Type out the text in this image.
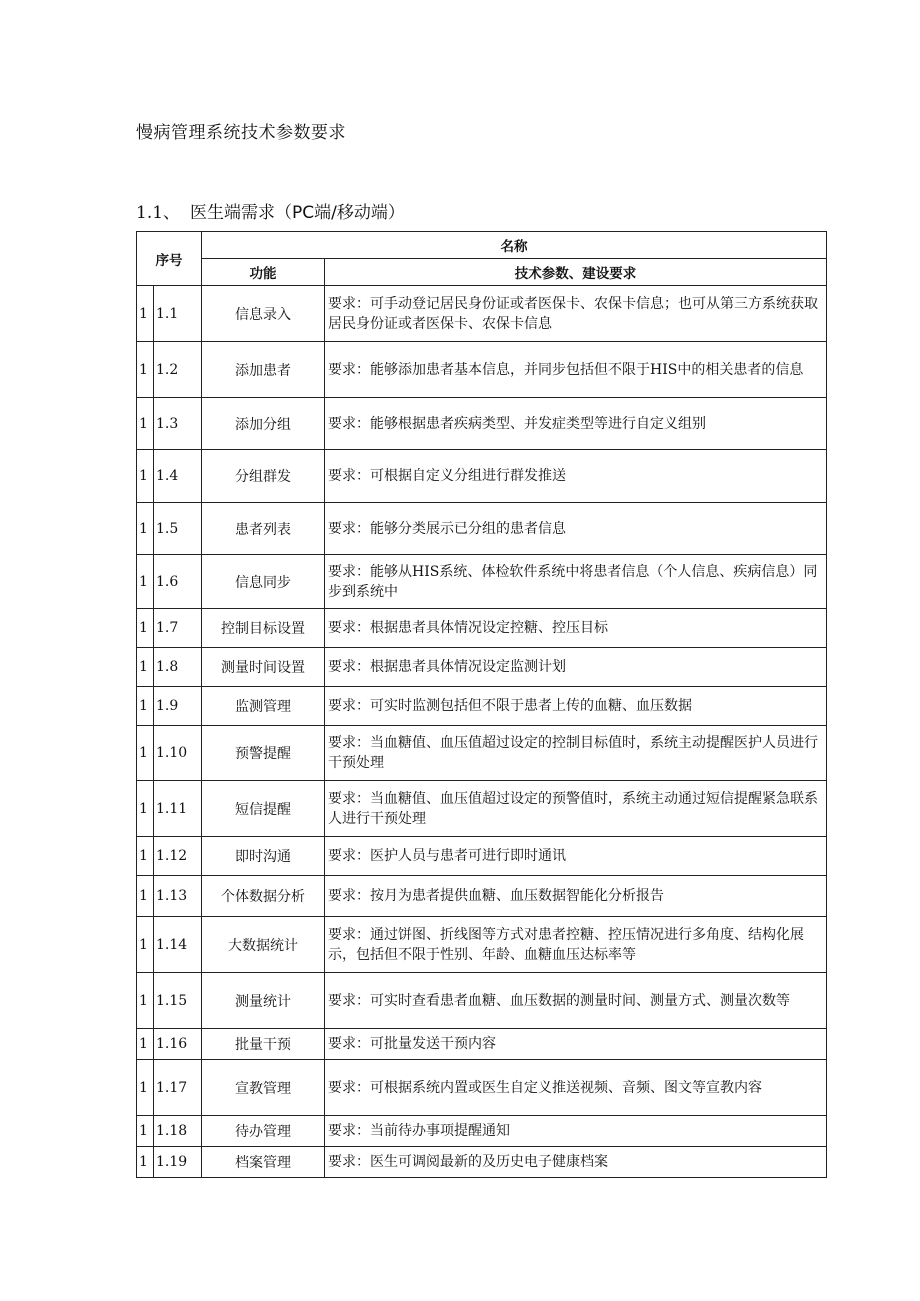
慢病管理系统技术参数要求
1.1、 医生端需求（PC端/移动端）
序号		名称	
		功能	技术参数、建设要求
1	1.1	信息录入	要求：可手动登记居民身份证或者医保卡、农保卡信息；也可从第三方系统获取居民身份证或者医保卡、农保卡信息
1	1.2	添加患者	要求：能够添加患者基本信息，并同步包括但不限于HIS中的相关患者的信息
1	1.3	添加分组	要求：能够根据患者疾病类型、并发症类型等进行自定义组别
1	1.4	分组群发	要求：可根据自定义分组进行群发推送
1	1.5	患者列表	要求：能够分类展示已分组的患者信息
1	1.6	信息同步	要求：能够从HIS系统、体检软件系统中将患者信息（个人信息、疾病信息）同步到系统中
1	1.7	控制目标设置	要求：根据患者具体情况设定控糖、控压目标
1	1.8	测量时间设置	要求：根据患者具体情况设定监测计划
1	1.9	监测管理	要求：可实时监测包括但不限于患者上传的血糖、血压数据
1	1.10	预警提醒	要求：当血糖值、血压值超过设定的控制目标值时，系统主动提醒医护人员进行干预处理
1	1.11	短信提醒	要求：当血糖值、血压值超过设定的预警值时，系统主动通过短信提醒紧急联系人进行干预处理
1	1.12	即时沟通	要求：医护人员与患者可进行即时通讯
1	1.13	个体数据分析	要求：按月为患者提供血糖、血压数据智能化分析报告
1	1.14	大数据统计	要求：通过饼图、折线图等方式对患者控糖、控压情况进行多角度、结构化展示，包括但不限于性别、年龄、血糖血压达标率等
1	1.15	测量统计	要求：可实时查看患者血糖、血压数据的测量时间、测量方式、测量次数等
1	1.16	批量干预	要求：可批量发送干预内容
1	1.17	宣教管理	要求：可根据系统内置或医生自定义推送视频、音频、图文等宣教内容
1	1.18	待办管理	要求：当前待办事项提醒通知
1	1.19	档案管理	要求：医生可调阅最新的及历史电子健康档案
